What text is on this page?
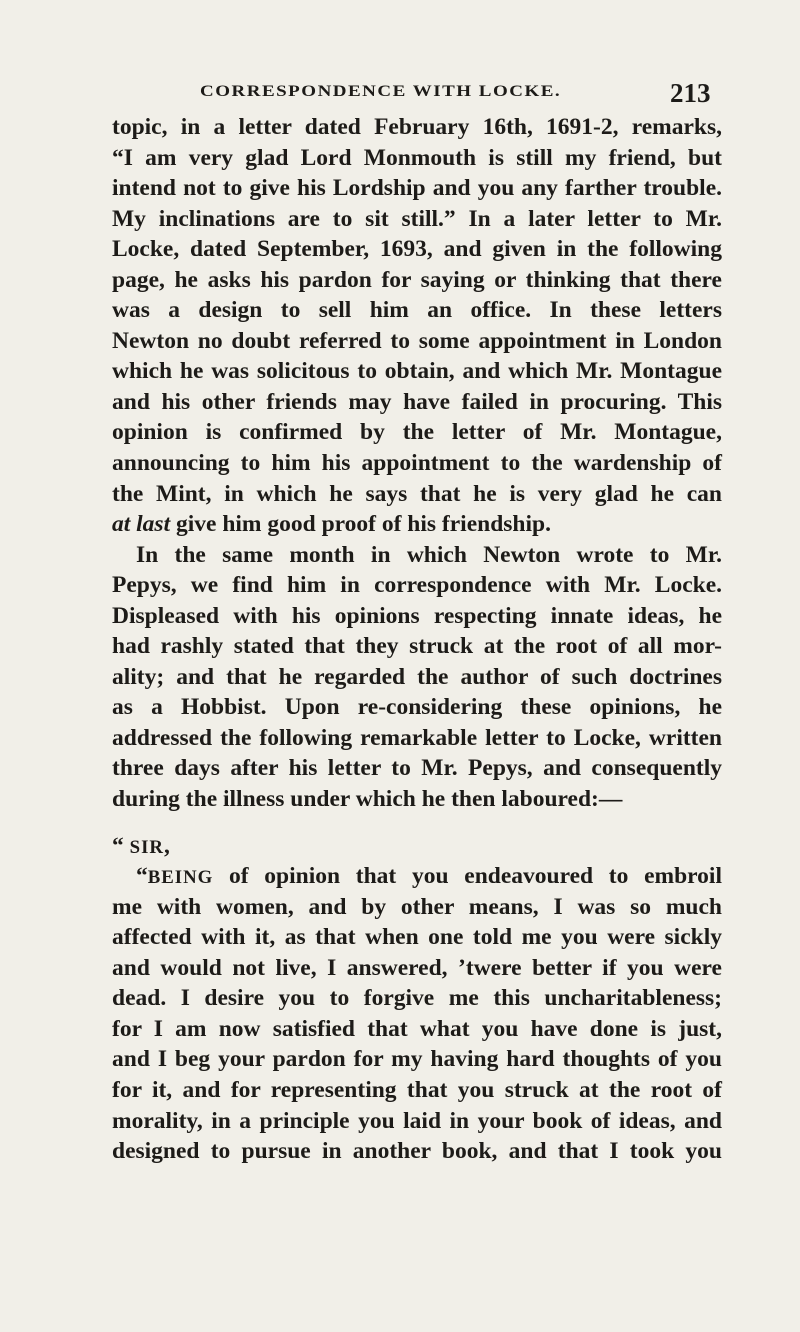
CORRESPONDENCE WITH LOCKE.	213
topic, in a letter dated February 16th, 1691-2, remarks,
“I am very glad Lord Monmouth is still my friend, but
intend not to give his Lordship and you any farther trouble.
My inclinations are to sit still.” In a later letter to Mr.
Locke, dated September, 1693, and given in the following
page, he asks his pardon for saying or thinking that there
was a design to sell him an office. In these letters
Newton no doubt referred to some appointment in London
which he was solicitous to obtain, and which Mr. Montague
and his other friends may have failed in procuring. This
opinion is confirmed by the letter of Mr. Montague,
announcing to him his appointment to the wardenship of
the Mint, in which he says that he is very glad he can
at last give him good proof of his friendship.
In the same month in which Newton wrote to Mr.
Pepys, we find him in correspondence with Mr. Locke.
Displeased with his opinions respecting innate ideas, he
had rashly stated that they struck at the root of all mor-
ality; and that he regarded the author of such doctrines
as a Hobbist. Upon re-considering these opinions, he
addressed the following remarkable letter to Locke, written
three days after his letter to Mr. Pepys, and consequently
during the illness under which he then laboured:—
“ SIR,
“BEING of opinion that you endeavoured to embroil
me with women, and by other means, I was so much
affected with it, as that when one told me you were sickly
and would not live, I answered, ’twere better if you were
dead. I desire you to forgive me this uncharitableness;
for I am now satisfied that what you have done is just,
and I beg your pardon for my having hard thoughts of you
for it, and for representing that you struck at the root of
morality, in a principle you laid in your book of ideas, and
designed to pursue in another book, and that I took you
